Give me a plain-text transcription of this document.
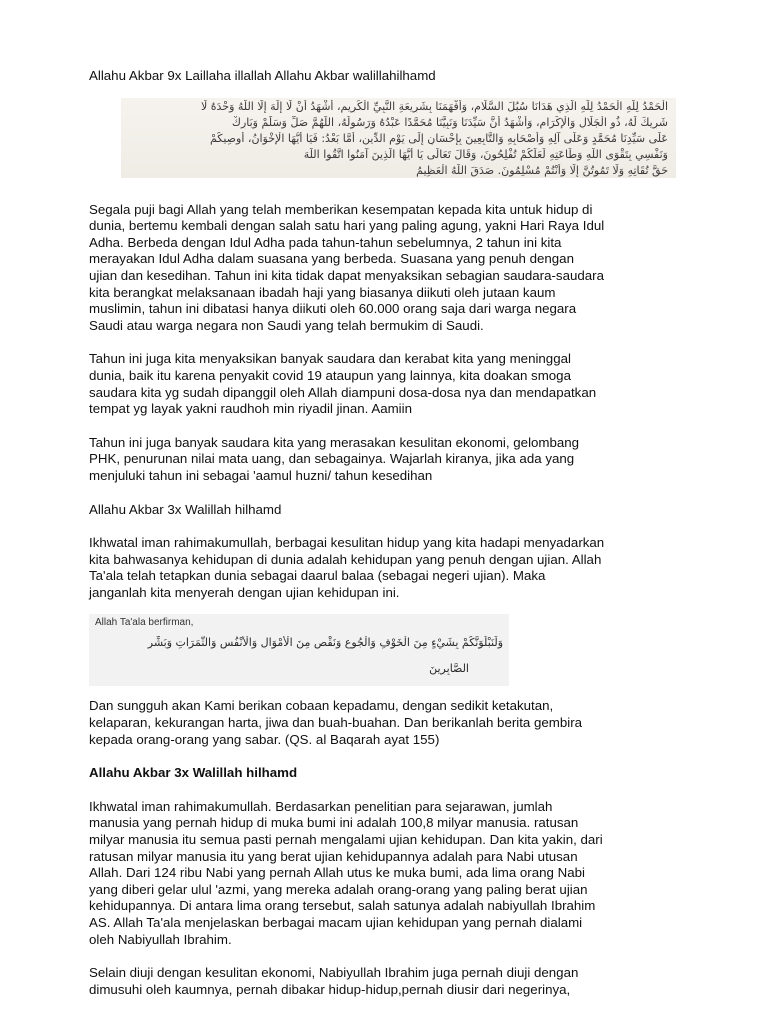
Allahu Akbar 9x Laillaha illallah Allahu Akbar walillahilhamd

الْحَمْدُ لِلَّهِ الْحَمْدُ لِلَّهِ الَّذِي هَدَانَا سُبُلَ السَّلَامِ، وَأَفْهَمَنَا بِشَرِيعَةِ النَّبِيِّ الْكَرِيمِ، أَشْهَدُ أَنْ لَا إِلَهَ إِلَّا اللَّهُ وَحْدَهُ لَا
شَرِيكَ لَهُ، ذُو الْجَلَالِ وَالْإِكْرَامِ، وَأَشْهَدُ أَنَّ سَيِّدَنَا وَنَبِيَّنَا مُحَمَّدًا عَبْدُهُ وَرَسُولُهُ، اللَّهُمَّ صَلِّ وَسَلِّمْ وَبَارِكْ
عَلَى سَيِّدِنَا مُحَمَّدٍ وَعَلَى آلِهِ وَأَصْحَابِهِ وَالتَّابِعِينَ بِإِحْسَانٍ إِلَى يَوْمِ الدِّينِ، أَمَّا بَعْدُ: فَيَا أَيُّهَا الْإِخْوَانُ، أُوصِيكُمْ
وَنَفْسِي بِتَقْوَى اللَّهِ وَطَاعَتِهِ لَعَلَّكُمْ تُفْلِحُونَ، وَقَالَ تَعَالَى يَا أَيُّهَا الَّذِينَ آمَنُوا اتَّقُوا اللَّهَ
حَقَّ تُقَاتِهِ وَلَا تَمُوتُنَّ إِلَّا وَأَنْتُمْ مُسْلِمُونَ. صَدَقَ اللَّهُ الْعَظِيمُ

Segala puji bagi Allah yang telah memberikan kesempatan kepada kita untuk hidup di
dunia, bertemu kembali dengan salah satu hari yang paling agung, yakni Hari Raya Idul
Adha. Berbeda dengan Idul Adha pada tahun-tahun sebelumnya, 2 tahun ini kita
merayakan Idul Adha dalam suasana yang berbeda. Suasana yang penuh dengan
ujian dan kesedihan. Tahun ini kita tidak dapat menyaksikan sebagian saudara-saudara
kita berangkat melaksanaan ibadah haji yang biasanya diikuti oleh jutaan kaum
muslimin, tahun ini dibatasi hanya diikuti oleh 60.000 orang saja dari warga negara
Saudi atau warga negara non Saudi yang telah bermukim di Saudi.

Tahun ini juga kita menyaksikan banyak saudara dan kerabat kita yang meninggal
dunia, baik itu karena penyakit covid 19 ataupun yang lainnya, kita doakan smoga
saudara kita yg sudah dipanggil oleh Allah diampuni dosa-dosa nya dan mendapatkan
tempat yg layak yakni raudhoh min riyadil jinan. Aamiin

Tahun ini juga banyak saudara kita yang merasakan kesulitan ekonomi, gelombang
PHK, penurunan nilai mata uang, dan sebagainya. Wajarlah kiranya, jika ada yang
menjuluki tahun ini sebagai 'aamul huzni/ tahun kesedihan

Allahu Akbar 3x Walillah hilhamd

Ikhwatal iman rahimakumullah, berbagai kesulitan hidup yang kita hadapi menyadarkan
kita bahwasanya kehidupan di dunia adalah kehidupan yang penuh dengan ujian. Allah
Ta'ala telah tetapkan dunia sebagai daarul balaa (sebagai negeri ujian). Maka
janganlah kita menyerah dengan ujian kehidupan ini.

Allah Ta'ala berfirman,
وَلَنَبْلُوَنَّكُمْ بِشَيْءٍ مِنَ الْخَوْفِ وَالْجُوعِ وَنَقْصٍ مِنَ الْأَمْوَالِ وَالْأَنْفُسِ وَالثَّمَرَاتِ وَبَشِّرِ
الصَّابِرِينَ

Dan sungguh akan Kami berikan cobaan kepadamu, dengan sedikit ketakutan,
kelaparan, kekurangan harta, jiwa dan buah-buahan. Dan berikanlah berita gembira
kepada orang-orang yang sabar. (QS. al Baqarah ayat 155)

Allahu Akbar 3x Walillah hilhamd

Ikhwatal iman rahimakumullah. Berdasarkan penelitian para sejarawan, jumlah
manusia yang pernah hidup di muka bumi ini adalah 100,8 milyar manusia. ratusan
milyar manusia itu semua pasti pernah mengalami ujian kehidupan. Dan kita yakin, dari
ratusan milyar manusia itu yang berat ujian kehidupannya adalah para Nabi utusan
Allah. Dari 124 ribu Nabi yang pernah Allah utus ke muka bumi, ada lima orang Nabi
yang diberi gelar ulul 'azmi, yang mereka adalah orang-orang yang paling berat ujian
kehidupannya. Di antara lima orang tersebut, salah satunya adalah nabiyullah Ibrahim
AS. Allah Ta'ala menjelaskan berbagai macam ujian kehidupan yang pernah dialami
oleh Nabiyullah Ibrahim.

Selain diuji dengan kesulitan ekonomi, Nabiyullah Ibrahim juga pernah diuji dengan
dimusuhi oleh kaumnya, pernah dibakar hidup-hidup,pernah diusir dari negerinya,
